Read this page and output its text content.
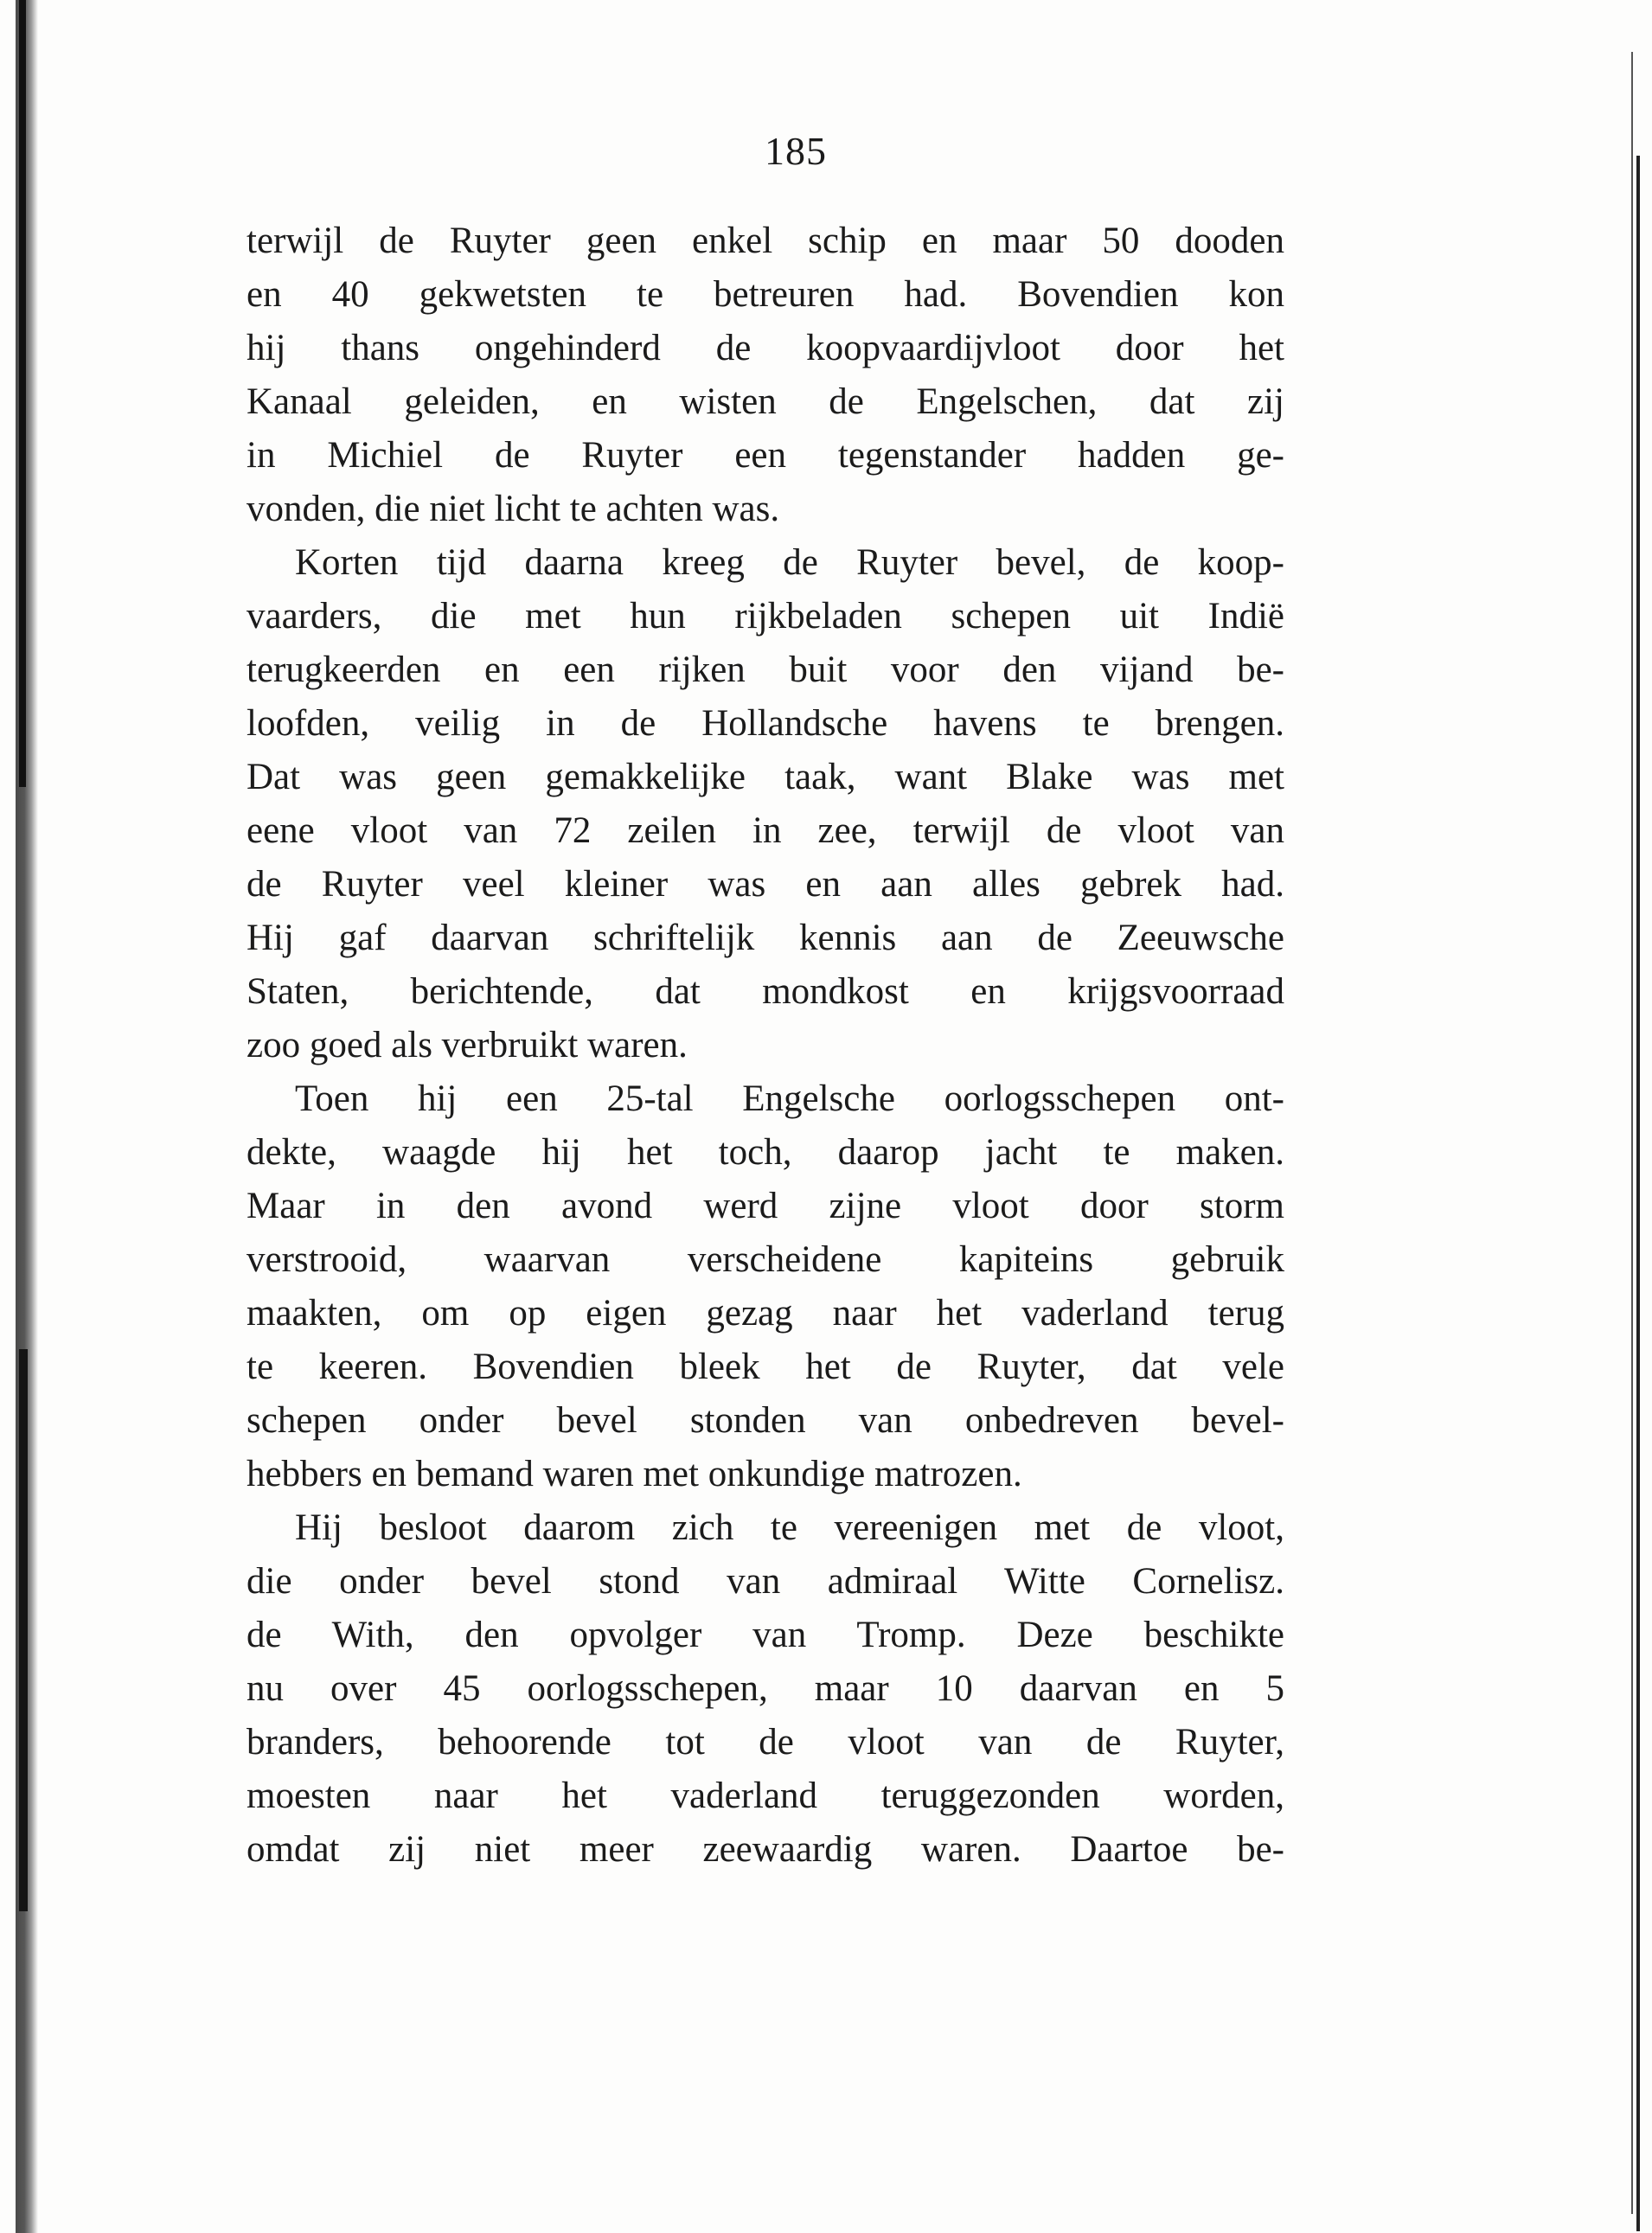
185
terwijl de Ruyter geen enkel schip en maar 50 dooden
en 40 gekwetsten te betreuren had. Bovendien kon
hij thans ongehinderd de koopvaardijvloot door het
Kanaal geleiden, en wisten de Engelschen, dat zij
in Michiel de Ruyter een tegenstander hadden ge-
vonden, die niet licht te achten was.
Korten tijd daarna kreeg de Ruyter bevel, de koop-
vaarders, die met hun rijkbeladen schepen uit Indië
terugkeerden en een rijken buit voor den vijand be-
loofden, veilig in de Hollandsche havens te brengen.
Dat was geen gemakkelijke taak, want Blake was met
eene vloot van 72 zeilen in zee, terwijl de vloot van
de Ruyter veel kleiner was en aan alles gebrek had.
Hij gaf daarvan schriftelijk kennis aan de Zeeuwsche
Staten, berichtende, dat mondkost en krijgsvoorraad
zoo goed als verbruikt waren.
Toen hij een 25-tal Engelsche oorlogsschepen ont-
dekte, waagde hij het toch, daarop jacht te maken.
Maar in den avond werd zijne vloot door storm
verstrooid, waarvan verscheidene kapiteins gebruik
maakten, om op eigen gezag naar het vaderland terug
te keeren. Bovendien bleek het de Ruyter, dat vele
schepen onder bevel stonden van onbedreven bevel-
hebbers en bemand waren met onkundige matrozen.
Hij besloot daarom zich te vereenigen met de vloot,
die onder bevel stond van admiraal Witte Cornelisz.
de With, den opvolger van Tromp. Deze beschikte
nu over 45 oorlogsschepen, maar 10 daarvan en 5
branders, behoorende tot de vloot van de Ruyter,
moesten naar het vaderland teruggezonden worden,
omdat zij niet meer zeewaardig waren. Daartoe be-
